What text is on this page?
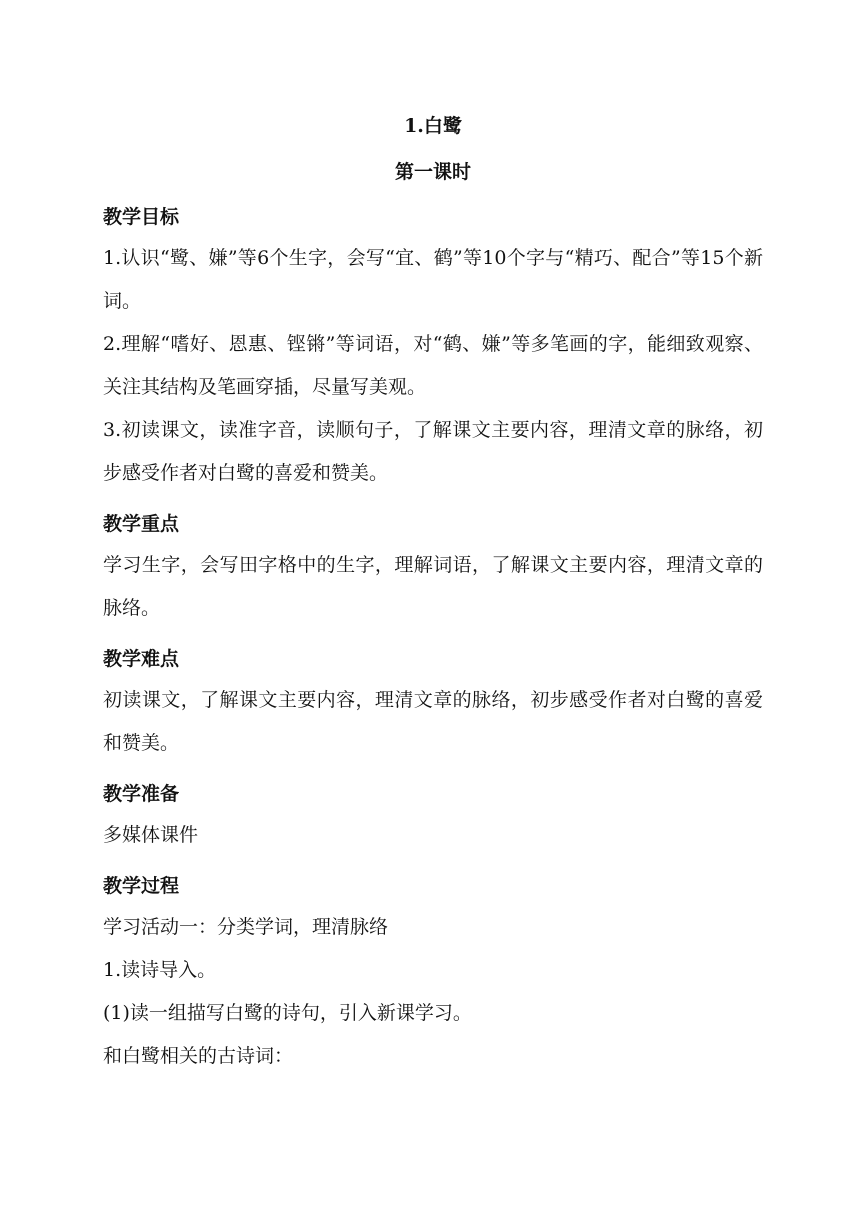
1.白鹭

第一课时

教学目标

1.认识“鹭、嫌”等6个生字，会写“宜、鹤”等10个字与“精巧、配合”等15个新词。

2.理解“嗜好、恩惠、铿锵”等词语，对“鹤、嫌”等多笔画的字，能细致观察、关注其结构及笔画穿插，尽量写美观。

3.初读课文，读准字音，读顺句子，了解课文主要内容，理清文章的脉络，初步感受作者对白鹭的喜爱和赞美。

教学重点

学习生字，会写田字格中的生字，理解词语，了解课文主要内容，理清文章的脉络。

教学难点

初读课文，了解课文主要内容，理清文章的脉络，初步感受作者对白鹭的喜爱和赞美。

教学准备

多媒体课件

教学过程

学习活动一：分类学词，理清脉络

1.读诗导入。

(1)读一组描写白鹭的诗句，引入新课学习。

和白鹭相关的古诗词：
